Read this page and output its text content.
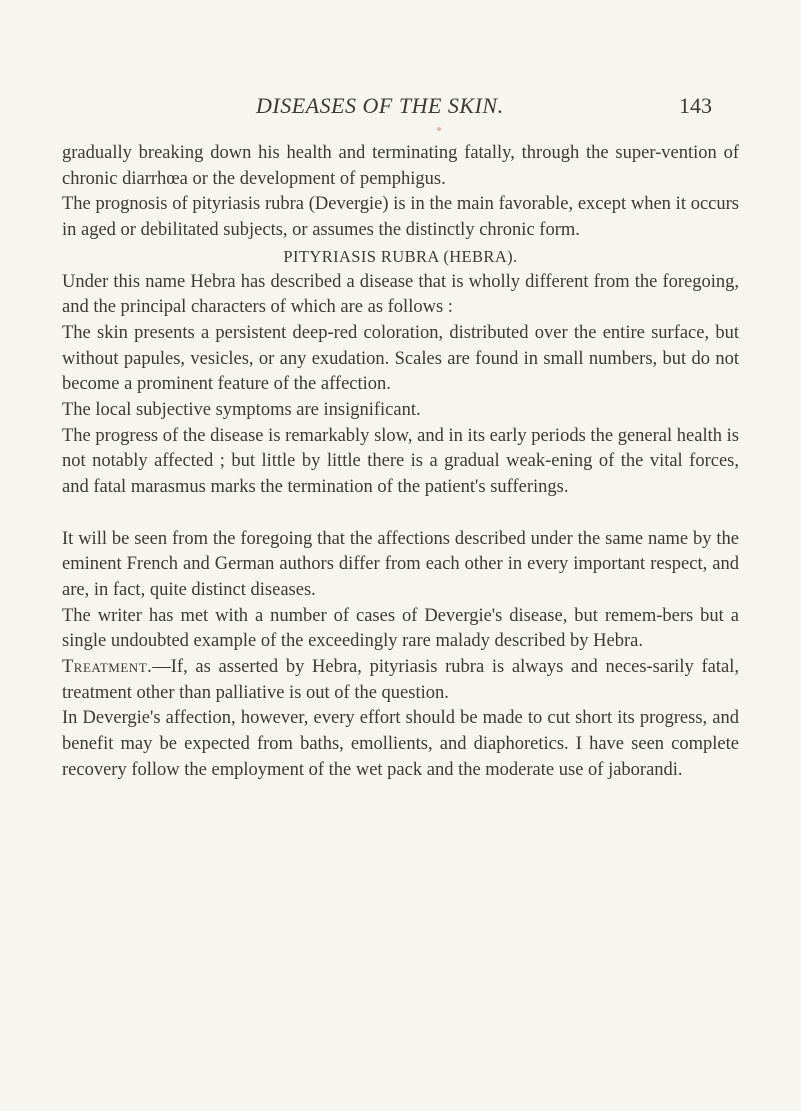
DISEASES OF THE SKIN.	143

gradually breaking down his health and terminating fatally, through the super-vention of chronic diarrhœa or the development of pemphigus.

The prognosis of pityriasis rubra (Devergie) is in the main favorable, except when it occurs in aged or debilitated subjects, or assumes the distinctly chronic form.

PITYRIASIS RUBRA (HEBRA).

Under this name Hebra has described a disease that is wholly different from the foregoing, and the principal characters of which are as follows :

The skin presents a persistent deep-red coloration, distributed over the entire surface, but without papules, vesicles, or any exudation. Scales are found in small numbers, but do not become a prominent feature of the affection.

The local subjective symptoms are insignificant.

The progress of the disease is remarkably slow, and in its early periods the general health is not notably affected ; but little by little there is a gradual weak-ening of the vital forces, and fatal marasmus marks the termination of the patient's sufferings.

It will be seen from the foregoing that the affections described under the same name by the eminent French and German authors differ from each other in every important respect, and are, in fact, quite distinct diseases.

The writer has met with a number of cases of Devergie's disease, but remem-bers but a single undoubted example of the exceedingly rare malady described by Hebra.

Treatment.—If, as asserted by Hebra, pityriasis rubra is always and neces-sarily fatal, treatment other than palliative is out of the question.

In Devergie's affection, however, every effort should be made to cut short its progress, and benefit may be expected from baths, emollients, and diaphoretics. I have seen complete recovery follow the employment of the wet pack and the moderate use of jaborandi.
